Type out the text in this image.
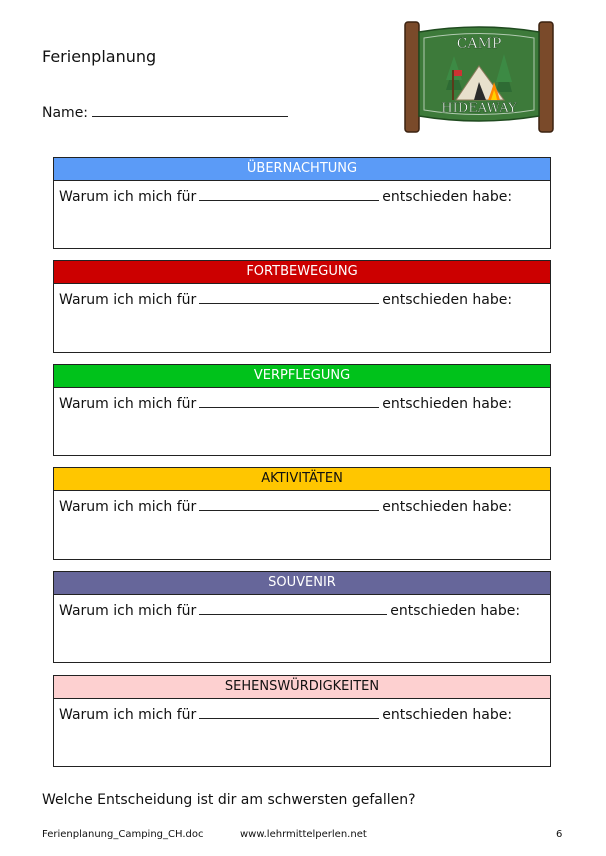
Ferienplanung
Name:
CAMP
HIDEAWAY
ÜBERNACHTUNG
Warum ich mich für	entschieden habe:
FORTBEWEGUNG
Warum ich mich für	entschieden habe:
VERPFLEGUNG
Warum ich mich für	entschieden habe:
AKTIVITÄTEN
Warum ich mich für	entschieden habe:
SOUVENIR
Warum ich mich für	entschieden habe:
SEHENSWÜRDIGKEITEN
Warum ich mich für	entschieden habe:
Welche Entscheidung ist dir am schwersten gefallen?
Ferienplanung_Camping_CH.doc	www.lehrmittelperlen.net	6
